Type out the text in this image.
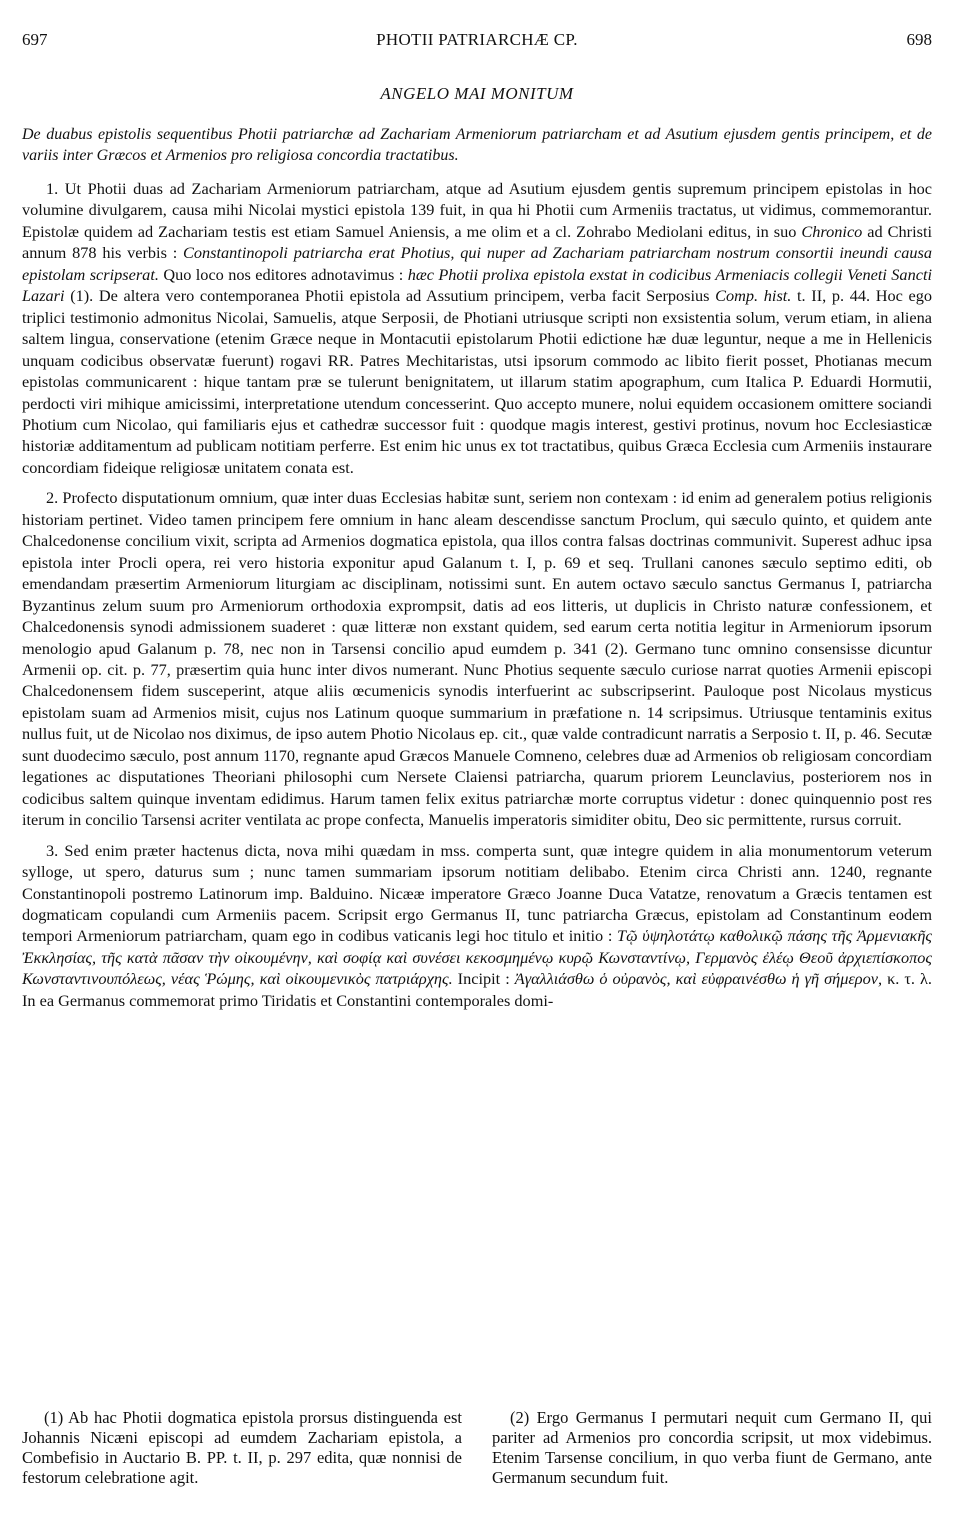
697	PHOTII PATRIARCHÆ CP.	698
ANGELO MAI MONITUM

De duabus epistolis sequentibus Photii patriarchæ ad Zachariam Armeniorum patriarcham et ad Asutium ejusdem gentis principem, et de variis inter Græcos et Armenios pro religiosa concordia tractatibus.

1. Ut Photii duas ad Zachariam Armeniorum patriarcham, atque ad Asutium ejusdem gentis supremum principem epistolas in hoc volumine divulgarem, causa mihi Nicolai mystici epistola 139 fuit, in qua hi Photii cum Armeniis tractatus, ut vidimus, commemorantur. Epistolæ quidem ad Zachariam testis est etiam Samuel Aniensis, a me olim et a cl. Zohrabo Mediolani editus, in suo Chronico ad Christi annum 878 his verbis : Constantinopoli patriarcha erat Photius, qui nuper ad Zachariam patriarcham nostrum consortii ineundi causa epistolam scripserat. Quo loco nos editores adnotavimus : hæc Photii prolixa epistola exstat in codicibus Armeniacis collegii Veneti Sancti Lazari (1). De altera vero contemporanea Photii epistola ad Assutium principem, verba facit Serposius Comp. hist. t. II, p. 44. Hoc ego triplici testimonio admonitus Nicolai, Samuelis, atque Serposii, de Photiani utriusque scripti non exsistentia solum, verum etiam, in aliena saltem lingua, conservatione (etenim Græce neque in Montacutii epistolarum Photii edictione hæ duæ leguntur, neque a me in Hellenicis unquam codicibus observatæ fuerunt) rogavi RR. Patres Mechitaristas, utsi ipsorum commodo ac libito fierit posset, Photianas mecum epistolas communicarent : hique tantam præ se tulerunt benignitatem, ut illarum statim apographum, cum Italica P. Eduardi Hormutii, perdocti viri mihique amicissimi, interpretatione utendum concesserint. Quo accepto munere, nolui equidem occasionem omittere sociandi Photium cum Nicolao, qui familiaris ejus et cathedræ successor fuit : quodque magis interest, gestivi protinus, novum hoc Ecclesiasticæ historiæ additamentum ad publicam notitiam perferre. Est enim hic unus ex tot tractatibus, quibus Græca Ecclesia cum Armeniis instaurare concordiam fideique religiosæ unitatem conata est.

2. Profecto disputationum omnium, quæ inter duas Ecclesias habitæ sunt, seriem non contexam : id enim ad generalem potius religionis historiam pertinet. Video tamen principem fere omnium in hanc aleam descendisse sanctum Proclum, qui sæculo quinto, et quidem ante Chalcedonense concilium vixit, scripta ad Armenios dogmatica epistola, qua illos contra falsas doctrinas communivit. Superest adhuc ipsa epistola inter Procli opera, rei vero historia exponitur apud Galanum t. I, p. 69 et seq. Trullani canones sæculo septimo editi, ob emendandam præsertim Armeniorum liturgiam ac disciplinam, notissimi sunt. En autem octavo sæculo sanctus Germanus I, patriarcha Byzantinus zelum suum pro Armeniorum orthodoxia exprompsit, datis ad eos litteris, ut duplicis in Christo naturæ confessionem, et Chalcedonensis synodi admissionem suaderet : quæ litteræ non exstant quidem, sed earum certa notitia legitur in Armeniorum ipsorum menologio apud Galanum p. 78, nec non in Tarsensi concilio apud eumdem p. 341 (2). Germano tunc omnino consensisse dicuntur Armenii op. cit. p. 77, præsertim quia hunc inter divos numerant. Nunc Photius sequente sæculo curiose narrat quoties Armenii episcopi Chalcedonensem fidem susceperint, atque aliis œcumenicis synodis interfuerint ac subscripserint. Pauloque post Nicolaus mysticus epistolam suam ad Armenios misit, cujus nos Latinum quoque summarium in præfatione n. 14 scripsimus. Utriusque tentaminis exitus nullus fuit, ut de Nicolao nos diximus, de ipso autem Photio Nicolaus ep. cit., quæ valde contradicunt narratis a Serposio t. II, p. 46. Secutæ sunt duodecimo sæculo, post annum 1170, regnante apud Græcos Manuele Comneno, celebres duæ ad Armenios ob religiosam concordiam legationes ac disputationes Theoriani philosophi cum Nersete Claiensi patriarcha, quarum priorem Leunclavius, posteriorem nos in codicibus saltem quinque inventam edidimus. Harum tamen felix exitus patriarchæ morte corruptus videtur : donec quinquennio post res iterum in concilio Tarsensi acriter ventilata ac prope confecta, Manuelis imperatoris simiditer obitu, Deo sic permittente, rursus corruit.

3. Sed enim præter hactenus dicta, nova mihi quædam in mss. comperta sunt, quæ integre quidem in alia monumentorum veterum sylloge, ut spero, daturus sum ; nunc tamen summariam ipsorum notitiam delibabo. Etenim circa Christi ann. 1240, regnante Constantinopoli postremo Latinorum imp. Balduino. Nicææ imperatore Græco Joanne Duca Vatatze, renovatum a Græcis tentamen est dogmaticam copulandi cum Armeniis pacem. Scripsit ergo Germanus II, tunc patriarcha Græcus, epistolam ad Constantinum eodem tempori Armeniorum patriarcham, quam ego in codibus vaticanis legi hoc titulo et initio : Τῷ ὑψηλοτάτῳ καθολικῷ πάσης τῆς Ἀρμενιακῆς Ἐκκλησίας, τῆς κατὰ πᾶσαν τὴν οἰκουμένην, καὶ σοφίᾳ καὶ συνέσει κεκοσμημένῳ κυρῷ Κωνσταντίνῳ, Γερμανὸς ἐλέῳ Θεοῦ ἀρχιεπίσκοπος Κωνσταντινουπόλεως, νέας Ῥώμης, καὶ οἰκουμενικὸς πατριάρχης. Incipit : Ἀγαλλιάσθω ὁ οὐρανὸς, καὶ εὐφραινέσθω ἡ γῆ σήμερον, κ. τ. λ. In ea Germanus commemorat primo Tiridatis et Constantini contemporales domi-

(1) Ab hac Photii dogmatica epistola prorsus distinguenda est Johannis Nicæni episcopi ad eumdem Zachariam epistola, a Combefisio in Auctario B. PP. t. II, p. 297 edita, quæ nonnisi de festorum celebratione agit.
(2) Ergo Germanus I permutari nequit cum Germano II, qui pariter ad Armenios pro concordia scripsit, ut mox videbimus. Etenim Tarsense concilium, in quo verba fiunt de Germano, ante Germanum secundum fuit.
